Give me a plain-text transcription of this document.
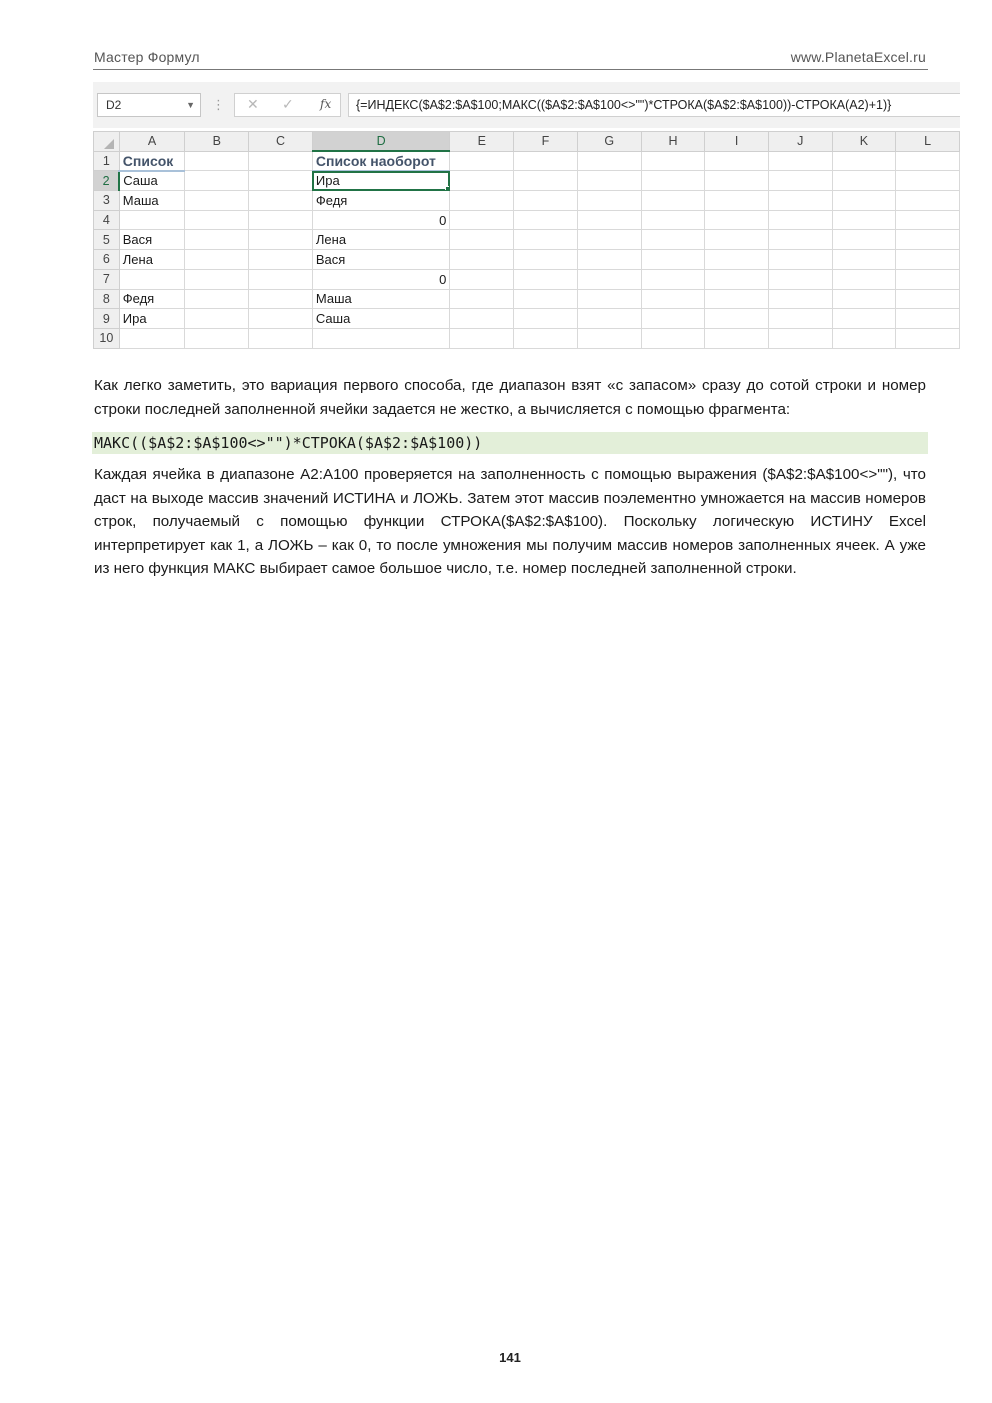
Мастер Формул	www.PlanetaExcel.ru
D2	▼ ⋮ ✕ ✓ fx	{=ИНДЕКС($A$2:$A$100;МАКС(($A$2:$A$100<>"")*СТРОКА($A$2:$A$100))-СТРОКА(A2)+1)}
	A	B	C	D	E	F	G	H	I	J	K	L
1	Список			Список наоборот								
2	Саша			Ира

3	Маша			Федя								
4				0								
5	Вася			Лена								
6	Лена			Вася								
7				0								
8	Федя			Маша								
9	Ира			Саша								
10												
Как легко заметить, это вариация первого способа, где диапазон взят «с запасом» сразу до сотой строки и номер строки последней заполненной ячейки задается не жестко, а вычисляется с помощью фрагмента:
МАКС(($A$2:$A$100<>"")*СТРОКА($A$2:$A$100))
Каждая ячейка в диапазоне A2:A100 проверяется на заполненность с помощью выражения ($A$2:$A$100<>""), что даст на выходе массив значений ИСТИНА и ЛОЖЬ. Затем этот массив поэлементно умножается на массив номеров строк, получаемый с помощью функции СТРОКА($A$2:$A$100). Поскольку логическую ИСТИНУ Excel интерпретирует как 1, а ЛОЖЬ – как 0, то после умножения мы получим массив номеров заполненных ячеек. А уже из него функция МАКС выбирает самое большое число, т.е. номер последней заполненной строки.
141
